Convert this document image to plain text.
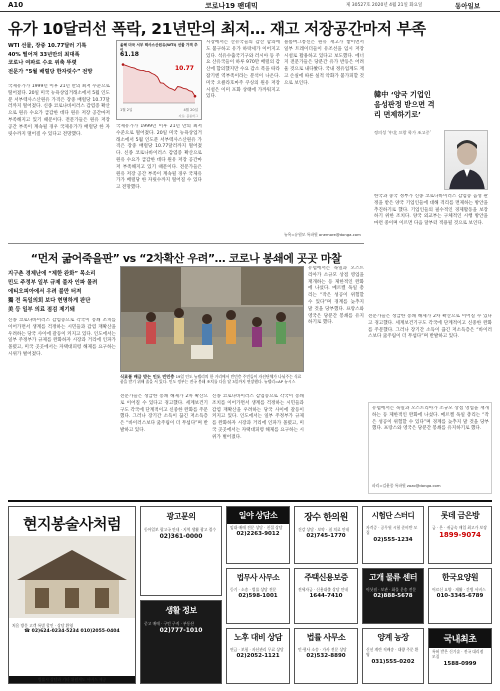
A10	코로나19 팬데믹	제 30527호 2020년 4월 21일 화요일	동아일보
유가 10달러선 폭락, 21년만의 최저… 재고 저장공간마저 부족
WTI 선물, 장중 10.77달러 기록
40% 떨어져 33년만의 최대폭
코로나 여파로 수요 위축 뚜렷
전문가 “5월 배럴당 한자릿수” 전망
국제유가가 1999년 이후 21년 만의 최저 수준으로 떨어졌다. 20일 미국 뉴욕상업거래소에서 5월 인도분 서부텍사스산원유 가격은 장중 배럴당 10.77달러까지 떨어졌다. 신종 코로나바이러스 감염증 확산으로 원유 수요가 급감한 데다 원유 저장 공간마저 부족해지고 있기 때문이다. 전문가들은 원유 저장 공간 부족이 계속될 경우 국제유가가 배럴당 한 자릿수까지 떨어질 수 있다고 전망했다.
올해 미국 서부 텍사스산원유(WTI) 선물 가격 추이
61.18
10.77
1월 2일	4월 20일
자료: 블룸버그
국제유가가 1999년 이후 21년 만의 최저 수준으로 떨어졌다. 20일 미국 뉴욕상업거래소에서 5월 인도분 서부텍사스산원유 가격은 장중 배럴당 10.77달러까지 떨어졌다. 신종 코로나바이러스 감염증 확산으로 원유 수요가 급감한 데다 원유 저장 공간마저 부족해지고 있기 때문이다. 전문가들은 원유 저장 공간 부족이 계속될 경우 국제유가가 배럴당 한 자릿수까지 떨어질 수 있다고 전망했다.
시장에서는 산유국들의 감산 합의에도 불구하고 유가 하락세가 이어지고 있다. 석유수출국기구와 러시아 등 주요 산유국들이 하루 970만 배럴의 감산에 합의했지만 수요 감소 폭을 따라잡기엔 역부족이라는 분석이 나온다. 미국 오클라호마주 쿠싱의 원유 저장 시설은 이미 포화 상태에 가까워지고 있다.
블룸버그통신은 원유 재고가 쌓이면서 일부 트레이더들이 유조선을 임시 저장 시설로 활용하고 있다고 보도했다. 에너지 전문가들은 당분간 유가 반등은 어려울 것으로 내다봤다. 국내 정유업계도 재고 손실에 따른 실적 악화가 불가피할 것으로 보인다.
뉴욕=유원모 특파원 onemore@donga.com
韓中 ‘양국 기업인 음성판정 받으면 격리 면제하기로’
정의성 ‘中北 프랑 학가 조고중’
한국과 중국 정부가 신종 코로나바이러스 감염증 음성 판정을 받은 양국 기업인들에 대해 격리를 면제하는 방안을 추진하기로 했다. 기업인들의 필수적인 경제활동을 보장하기 위한 조치다. 양국 외교부는 구체적인 시행 방안을 마련 중이며 이르면 다음 달부터 적용될 것으로 보인다.
“먼저 굶어죽을판” vs “2차확산 우려”… 코로나 봉쇄에 곳곳 마찰
지구촌 경제난에 “제한 완화” 목소리
민도 주정부 일부 규제 풀자 인파 몰려
에티오피아에서 우려 불만 터져
獨 전 독일의회 보다 현명하게 판단
美 등 일부 의료 점검 제기돼
신종 코로나바이러스 감염증으로 각국이 봉쇄 조치를 이어가면서 생계를 걱정하는 시민들과 감염 재확산을 우려하는 당국 사이에 갈등이 커지고 있다. 인도에서는 일부 주정부가 규제를 완화하자 시장과 거리에 인파가 몰렸고, 미국 곳곳에서는 자택대피령 해제를 요구하는 시위가 벌어졌다.
식료품 배급 받는 인도 빈민층 19일 인도 뉴델리의 한 거리에서 빈민층 주민들이 자선단체가 나눠주는 식료품을 받기 위해 줄을 서 있다. 인도 정부는 전국 봉쇄 조치를 다음 달 3일까지 연장했다. 뉴델리=AP 뉴시스
전문가들은 성급한 봉쇄 해제가 2차 확산으로 이어질 수 있다고 경고했다. 세계보건기구도 각국에 단계적이고 신중한 완화를 주문했다. 그러나 장기간 소득이 끊긴 저소득층은 “바이러스보다 굶주림이 더 무섭다”며 반발하고 있다.
신종 코로나바이러스 감염증으로 각국이 봉쇄 조치를 이어가면서 생계를 걱정하는 시민들과 감염 재확산을 우려하는 당국 사이에 갈등이 커지고 있다. 인도에서는 일부 주정부가 규제를 완화하자 시장과 거리에 인파가 몰렸고, 미국 곳곳에서는 자택대피령 해제를 요구하는 시위가 벌어졌다.
유럽에서는 독일과 오스트리아가 소규모 상점 영업을 재개하는 등 제한적인 완화에 나섰다. 메르켈 독일 총리는 “작은 성공이 위험할 수 있다”며 경계를 늦추지 말 것을 당부했다. 프랑스와 영국은 당분간 봉쇄를 유지하기로 했다.
전문가들은 성급한 봉쇄 해제가 2차 확산으로 이어질 수 있다고 경고했다. 세계보건기구도 각국에 단계적이고 신중한 완화를 주문했다. 그러나 장기간 소득이 끊긴 저소득층은 “바이러스보다 굶주림이 더 무섭다”며 반발하고 있다.
유럽에서는 독일과 오스트리아가 소규모 상점 영업을 재개하는 등 제한적인 완화에 나섰다. 메르켈 독일 총리는 “작은 성공이 위험할 수 있다”며 경계를 늦추지 말 것을 당부했다. 프랑스와 영국은 당분간 봉쇄를 유지하기로 했다.
파리=김윤종 특파원 zozo@donga.com
현지봉술사처럼
처음 방문 고객 특별 할인 · 상담 환영
☎ 02)624-0234·5234 010)2055-0404
법률시 상담과 기타 위원제도 서비스 제공
광고문의
동아일보 광고국 안내 · 지역 생활 광고 접수
02)361-0000
생활 정보
중고 매매 · 구인 구직 · 부동산
02)777-1010
일야 상담소
임대·매매 전문 상담 · 친절 상담
02)2263-9012
법무사 사무소
등기 · 소송 · 법률 상담 전문
02)598-1001
노후 대비 상담
연금 · 보험 · 자산관리 무료 상담
02)2052-1121
장수 한의원
건강 상담 · 보약 · 침 치료 안내
02)745-1770
주택신용보증
전세자금 · 신용대출 상담 안내
1644-7410
법률 사무소
민·형사 소송 · 가사 전문 상담
02)532-8890
시험단 스터디
자격증 · 공무원 시험 준비반 모집
02)555-1234
고개 물류 센터
이삿짐 · 보관 · 화물 운송 전문
02)888-5678
양계 농장
신선 계란 직배송 · 대량 주문 환영
031)555-0202
롯데 금은방
금 · 은 · 귀금속 매입 최고가 보장
1899-9074
한국요양원
어르신 요양 · 재활 · 간병 서비스
010-3345-6789
국내최초
특허 받은 신기술 · 전국 대리점 모집
1588-0999
